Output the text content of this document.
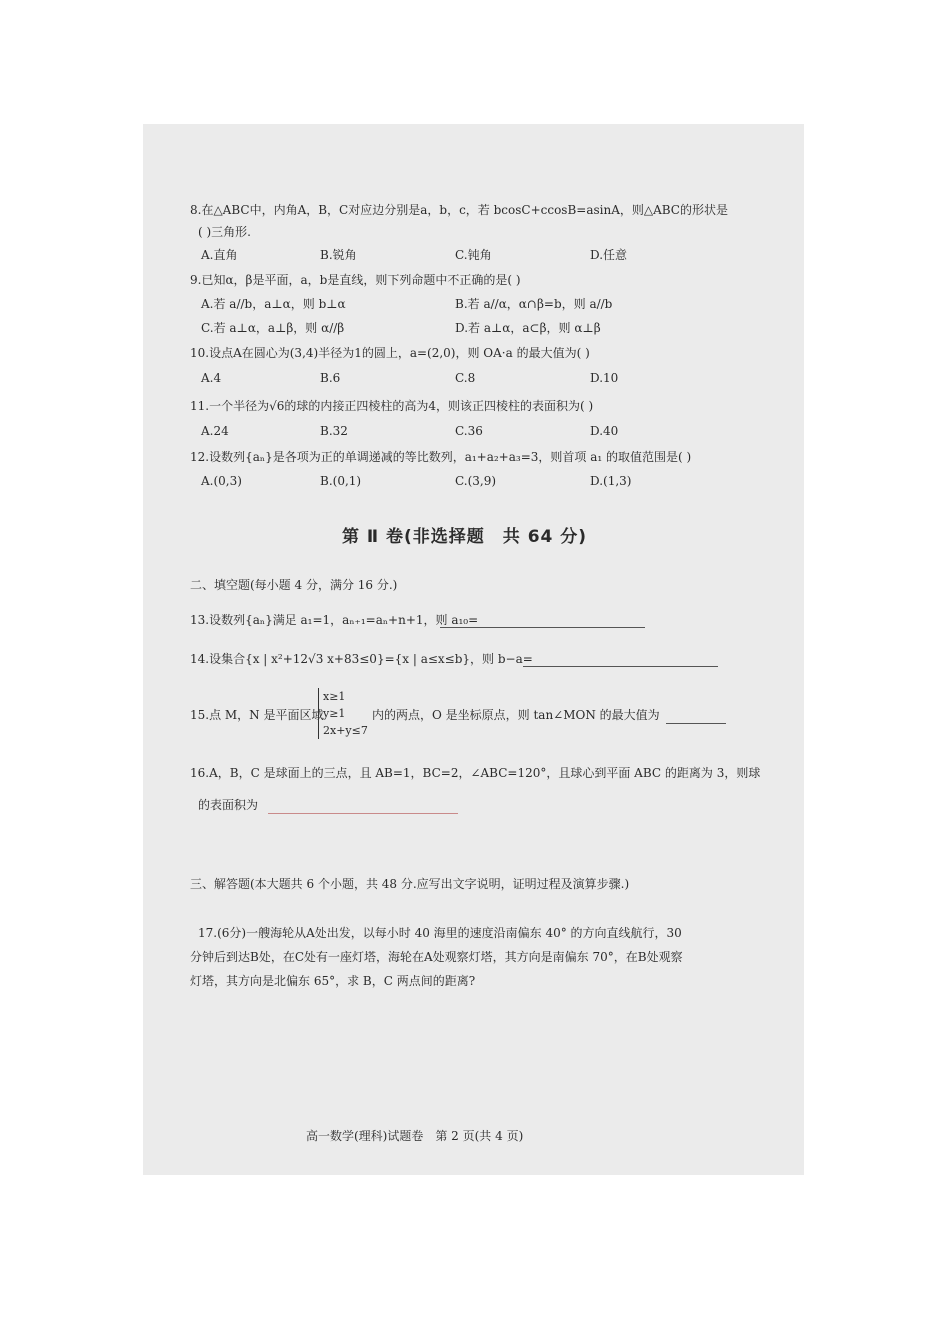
8.在△ABC中，内角A，B，C对应边分别是a，b，c，若 bcosC+ccosB=asinA，则△ABC的形状是
( )三角形.
A.直角	B.锐角	C.钝角	D.任意
9.已知α，β是平面，a，b是直线，则下列命题中不正确的是( )
A.若 a//b，a⊥α，则 b⊥α	B.若 a//α，α∩β=b，则 a//b
C.若 a⊥α，a⊥β，则 α//β	D.若 a⊥α，a⊂β，则 α⊥β
10.设点A在圆心为(3,4)半径为1的圆上，a=(2,0)，则 OA·a 的最大值为( )
A.4	B.6	C.8	D.10
11.一个半径为√6的球的内接正四棱柱的高为4，则该正四棱柱的表面积为( )
A.24	B.32	C.36	D.40
12.设数列{aₙ}是各项为正的单调递减的等比数列，a₁+a₂+a₃=3，则首项 a₁ 的取值范围是( )
A.(0,3)	B.(0,1)	C.(3,9)	D.(1,3)
第 Ⅱ 卷(非选择题　共 64 分)
二、填空题(每小题 4 分，满分 16 分.)
13.设数列{aₙ}满足 a₁=1，aₙ₊₁=aₙ+n+1，则 a₁₀=
14.设集合{x | x²+12√3 x+83≤0}={x | a≤x≤b}，则 b−a=
15.点 M，N 是平面区域
x≥1
y≥1
2x+y≤7
内的两点，O 是坐标原点，则 tan∠MON 的最大值为
16.A，B，C 是球面上的三点，且 AB=1，BC=2，∠ABC=120°，且球心到平面 ABC 的距离为 3，则球
的表面积为
三、解答题(本大题共 6 个小题，共 48 分.应写出文字说明，证明过程及演算步骤.)
17.(6分)一艘海轮从A处出发，以每小时 40 海里的速度沿南偏东 40° 的方向直线航行，30
分钟后到达B处，在C处有一座灯塔，海轮在A处观察灯塔，其方向是南偏东 70°，在B处观察
灯塔，其方向是北偏东 65°，求 B，C 两点间的距离?
高一数学(理科)试题卷　第 2 页(共 4 页)
